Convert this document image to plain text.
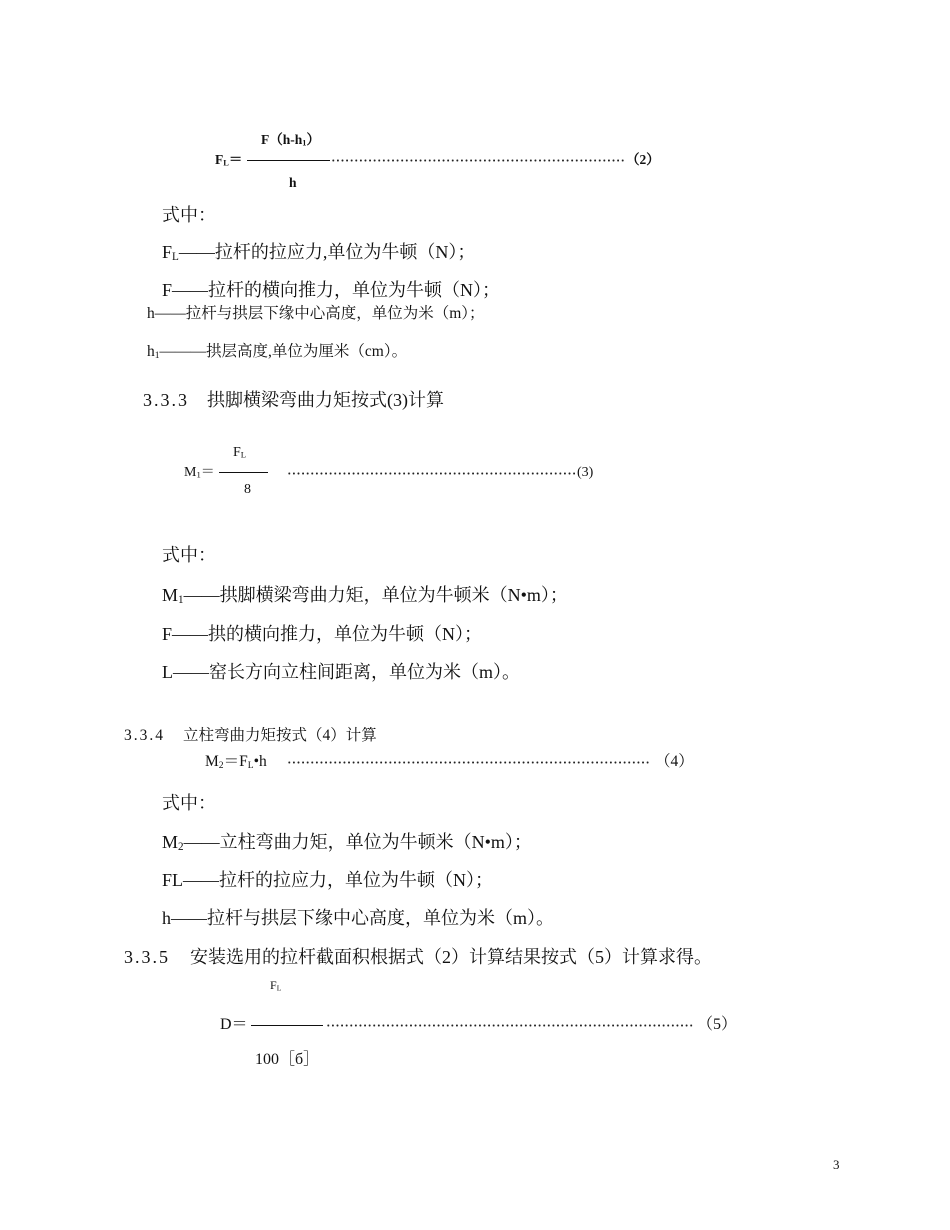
$F(h-h_1)$
$F_L=$	（2）
h
式中：
$F_L——$拉杆的拉应力,单位为牛顿（N）；
F——拉杆的横向推力，单位为牛顿（N）；
h——拉杆与拱层下缘中心高度，单位为米（m）；
$h_1———$拱层高度,单位为厘米（cm）。
3.3.3 拱脚横梁弯曲力矩按式(3)计算
$F_L$
$M_1=$	(3)
8
式中：
$M_1——$拱脚横梁弯曲力矩，单位为牛顿米（N•m）；
F——拱的横向推力，单位为牛顿（N）；
L——窑长方向立柱间距离，单位为米（m）。
3.3.4 立柱弯曲力矩按式（4）计算
$M_2=F_L•h$	（4）
式中：
$M_2——$立柱弯曲力矩，单位为牛顿米（N•m）；
FL——拉杆的拉应力，单位为牛顿（N）；
h——拉杆与拱层下缘中心高度，单位为米（m）。
3.3.5 安装选用的拉杆截面积根据式（2）计算结果按式（5）计算求得。
$F_L$
D＝	（5）
100［б］
3
